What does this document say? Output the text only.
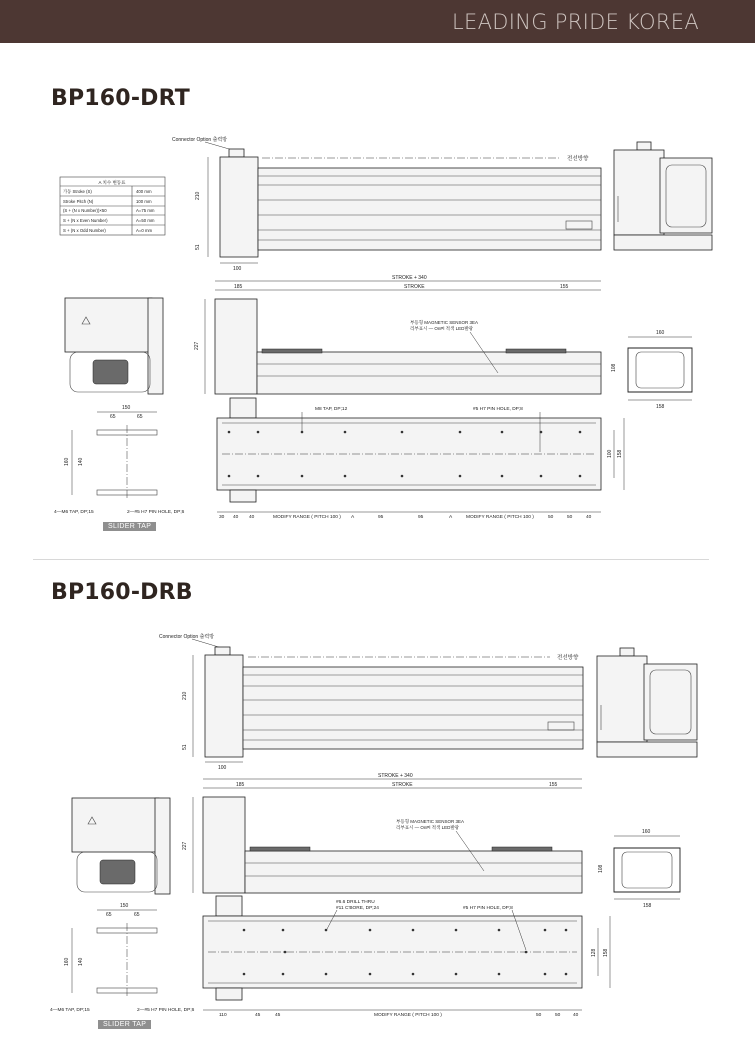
LEADING PRIDE KOREA
BP160-DRT
BP160-DRB
SLIDER TAP
SLIDER TAP
Connector Option 출력방
A 치수 변동표
가동 Stroke (S)	400 mm
Stroke Pitch (N)	100 mm
(S + (N x Number))×50	A=75 mm
S + (N x Even Number)	A=50 mm
S + (N x Odd Number)	A=0 mm
전선방향
210
51
100
STROKE + 340
185	STROKE	155
부등형 MAGNETIC SENSOR 3EA
리부표시 — OnPl 적색 LED발광
227
160
108
158
150
65	65
160 140
4—M6 TAP, DP;15	2—#5 H7 PIN HOLE, DP;6
M8 TAP, DP;12	#5 H7 PIN HOLE, DP;8
100 158
30 40 40	MODIFY RANGE ( PITCH 100 ) A	95	95	A	MODIFY RANGE ( PITCH 100 )	50	50	40
Connector Option 출력방
전선방향
210
51
100
STROKE + 340
185	STROKE	155
부등형 MAGNETIC SENSOR 3EA
리부표시 — OnPl 적색 LED발광
227
160
108
158
150
65	65
160 140
4—M6 TAP, DP;15	2—#5 H7 PIN HOLE, DP;6
#6.6 DRILL THRU
#11 C'BORE, DP;24	#5 H7 PIN HOLE, DP;8
128 158
110	45	45	MODIFY RANGE ( PITCH 100 )	50	50	40
